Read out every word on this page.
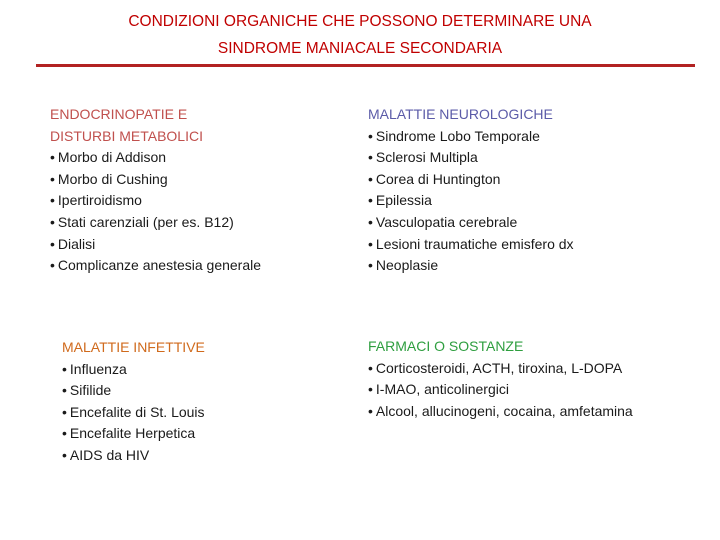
CONDIZIONI ORGANICHE CHE POSSONO DETERMINARE UNA
SINDROME MANIACALE SECONDARIA
ENDOCRINOPATIE E
DISTURBI METABOLICI
• Morbo di Addison
• Morbo di Cushing
• Ipertiroidismo
• Stati carenziali (per es. B12)
• Dialisi
• Complicanze anestesia generale
MALATTIE NEUROLOGICHE
• Sindrome Lobo Temporale
• Sclerosi Multipla
• Corea di Huntington
• Epilessia
• Vasculopatia cerebrale
• Lesioni traumatiche emisfero dx
• Neoplasie
MALATTIE INFETTIVE
• Influenza
• Sifilide
• Encefalite di St. Louis
• Encefalite Herpetica
• AIDS da HIV
FARMACI O SOSTANZE
• Corticosteroidi, ACTH, tiroxina, L-DOPA
• I-MAO, anticolinergici
• Alcool, allucinogeni, cocaina, amfetamina
